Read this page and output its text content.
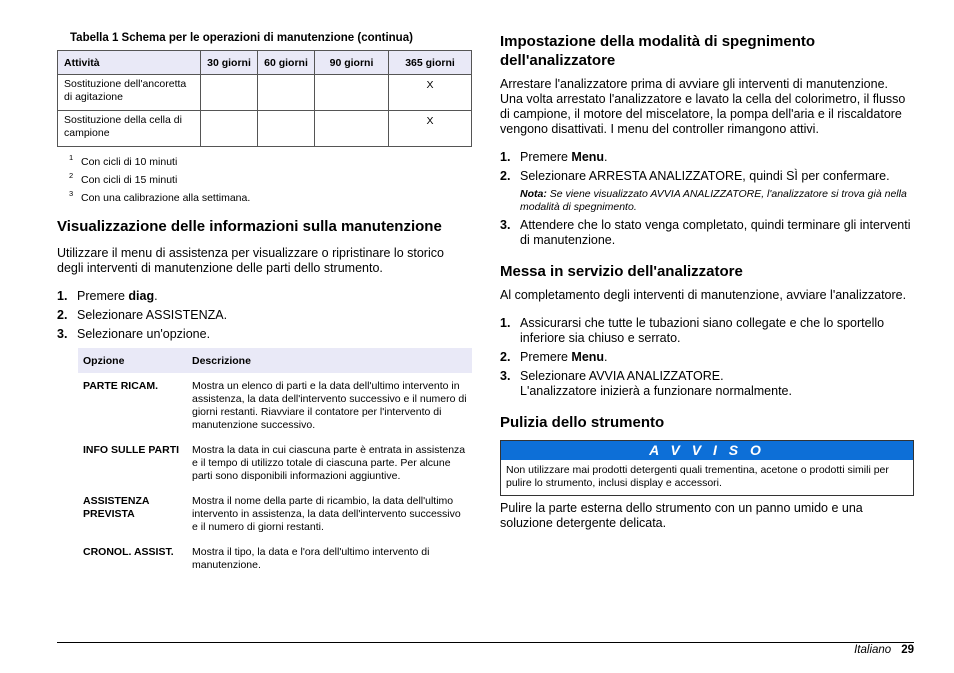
Tabella 1 Schema per le operazioni di manutenzione (continua)
Attività	30 giorni	60 giorni	90 giorni	365 giorni
Sostituzione dell'ancoretta di agitazione				X
Sostituzione della cella di campione				X
$^1$ Con cicli di 10 minuti
$^2$ Con cicli di 15 minuti
$^3$ Con una calibrazione alla settimana.
Visualizzazione delle informazioni sulla manutenzione

Utilizzare il menu di assistenza per visualizzare o ripristinare lo storico degli interventi di manutenzione delle parti dello strumento.

1. Premere diag.
2. Selezionare ASSISTENZA.
3. Selezionare un'opzione.
Opzione	Descrizione
PARTE RICAM.	Mostra un elenco di parti e la data dell'ultimo intervento in assistenza, la data dell'intervento successivo e il numero di giorni restanti. Riavviare il contatore per l'intervento di manutenzione successivo.
INFO SULLE PARTI	Mostra la data in cui ciascuna parte è entrata in assistenza e il tempo di utilizzo totale di ciascuna parte. Per alcune parti sono disponibili informazioni aggiuntive.
ASSISTENZA PREVISTA	Mostra il nome della parte di ricambio, la data dell'ultimo intervento in assistenza, la data dell'intervento successivo e il numero di giorni restanti.
CRONOL. ASSIST.	Mostra il tipo, la data e l'ora dell'ultimo intervento di manutenzione.
Impostazione della modalità di spegnimento dell'analizzatore

Arrestare l'analizzatore prima di avviare gli interventi di manutenzione. Una volta arrestato l'analizzatore e lavato la cella del colorimetro, il flusso di campione, il motore del miscelatore, la pompa dell'aria e il riscaldatore vengono disattivati. I menu del controller rimangono attivi.

1. Premere Menu.
2. Selezionare ARRESTA ANALIZZATORE, quindi SÌ per confermare.
Nota: Se viene visualizzato AVVIA ANALIZZATORE, l'analizzatore si trova già nella modalità di spegnimento.
3. Attendere che lo stato venga completato, quindi terminare gli interventi di manutenzione.
Messa in servizio dell'analizzatore

Al completamento degli interventi di manutenzione, avviare l'analizzatore.

1. Assicurarsi che tutte le tubazioni siano collegate e che lo sportello inferiore sia chiuso e serrato.
2. Premere Menu.
3. Selezionare AVVIA ANALIZZATORE.
L'analizzatore inizierà a funzionare normalmente.
Pulizia dello strumento
A V V I S O
Non utilizzare mai prodotti detergenti quali trementina, acetone o prodotti simili per pulire lo strumento, inclusi display e accessori.

Pulire la parte esterna dello strumento con un panno umido e una soluzione detergente delicata.

Italiano 29
